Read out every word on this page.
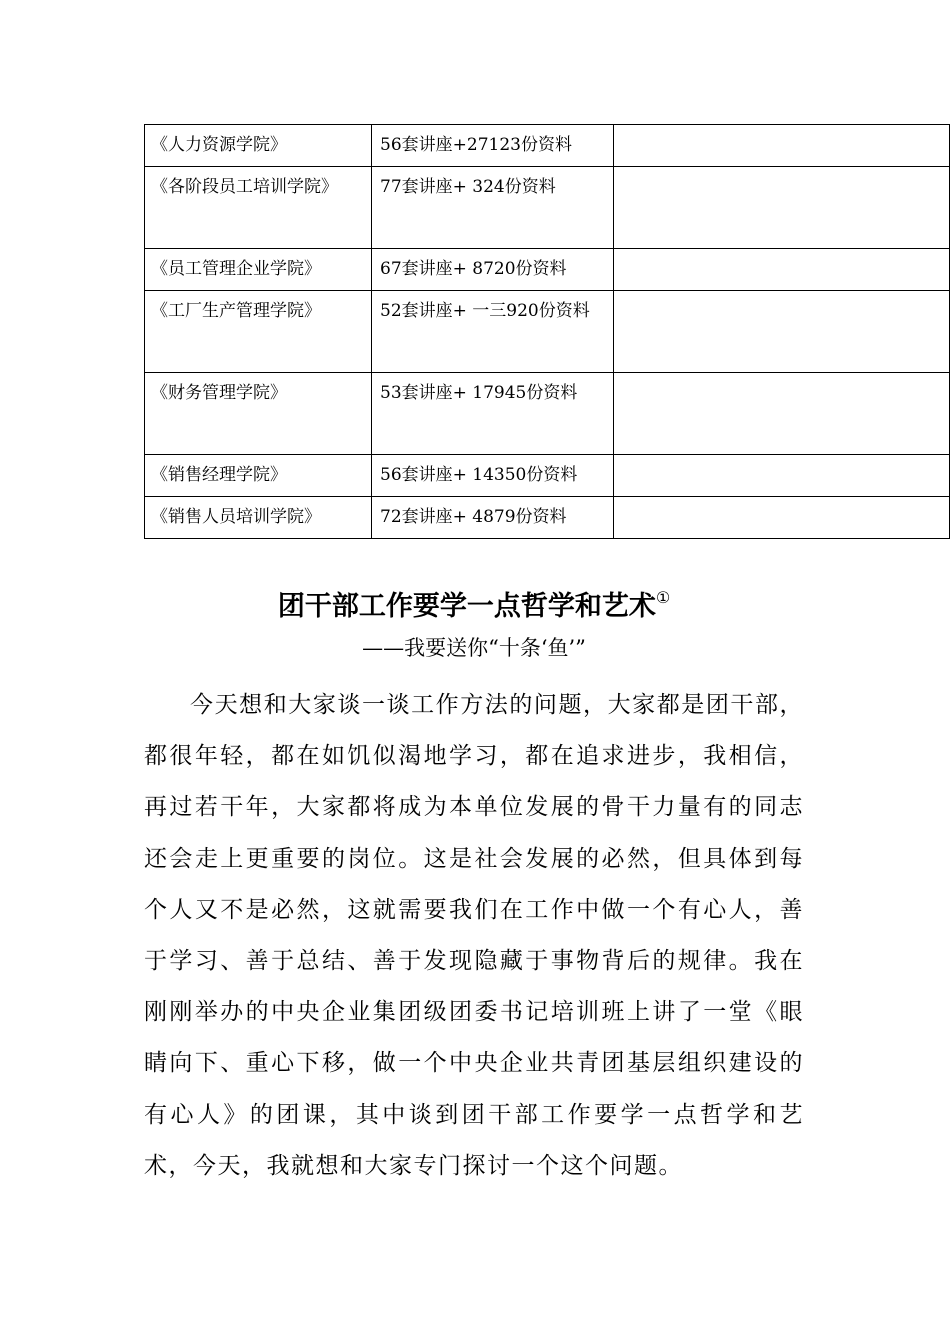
《人力资源学院》	56套讲座+27123份资料	
《各阶段员工培训学院》	77套讲座+ 324份资料	
《员工管理企业学院》	67套讲座+ 8720份资料	
《工厂生产管理学院》	52套讲座+ 一三920份资料	
《财务管理学院》	53套讲座+ 17945份资料	
《销售经理学院》	56套讲座+ 14350份资料	
《销售人员培训学院》	72套讲座+ 4879份资料	
团干部工作要学一点哲学和艺术①
——我要送你“十条‘鱼’”

今天想和大家谈一谈工作方法的问题，大家都是团干部，都很年轻，都在如饥似渴地学习，都在追求进步，我相信，再过若干年，大家都将成为本单位发展的骨干力量有的同志还会走上更重要的岗位。这是社会发展的必然，但具体到每个人又不是必然，这就需要我们在工作中做一个有心人，善于学习、善于总结、善于发现隐藏于事物背后的规律。我在刚刚举办的中央企业集团级团委书记培训班上讲了一堂《眼睛向下、重心下移，做一个中央企业共青团基层组织建设的有心人》的团课，其中谈到团干部工作要学一点哲学和艺术，今天，我就想和大家专门探讨一个这个问题。
